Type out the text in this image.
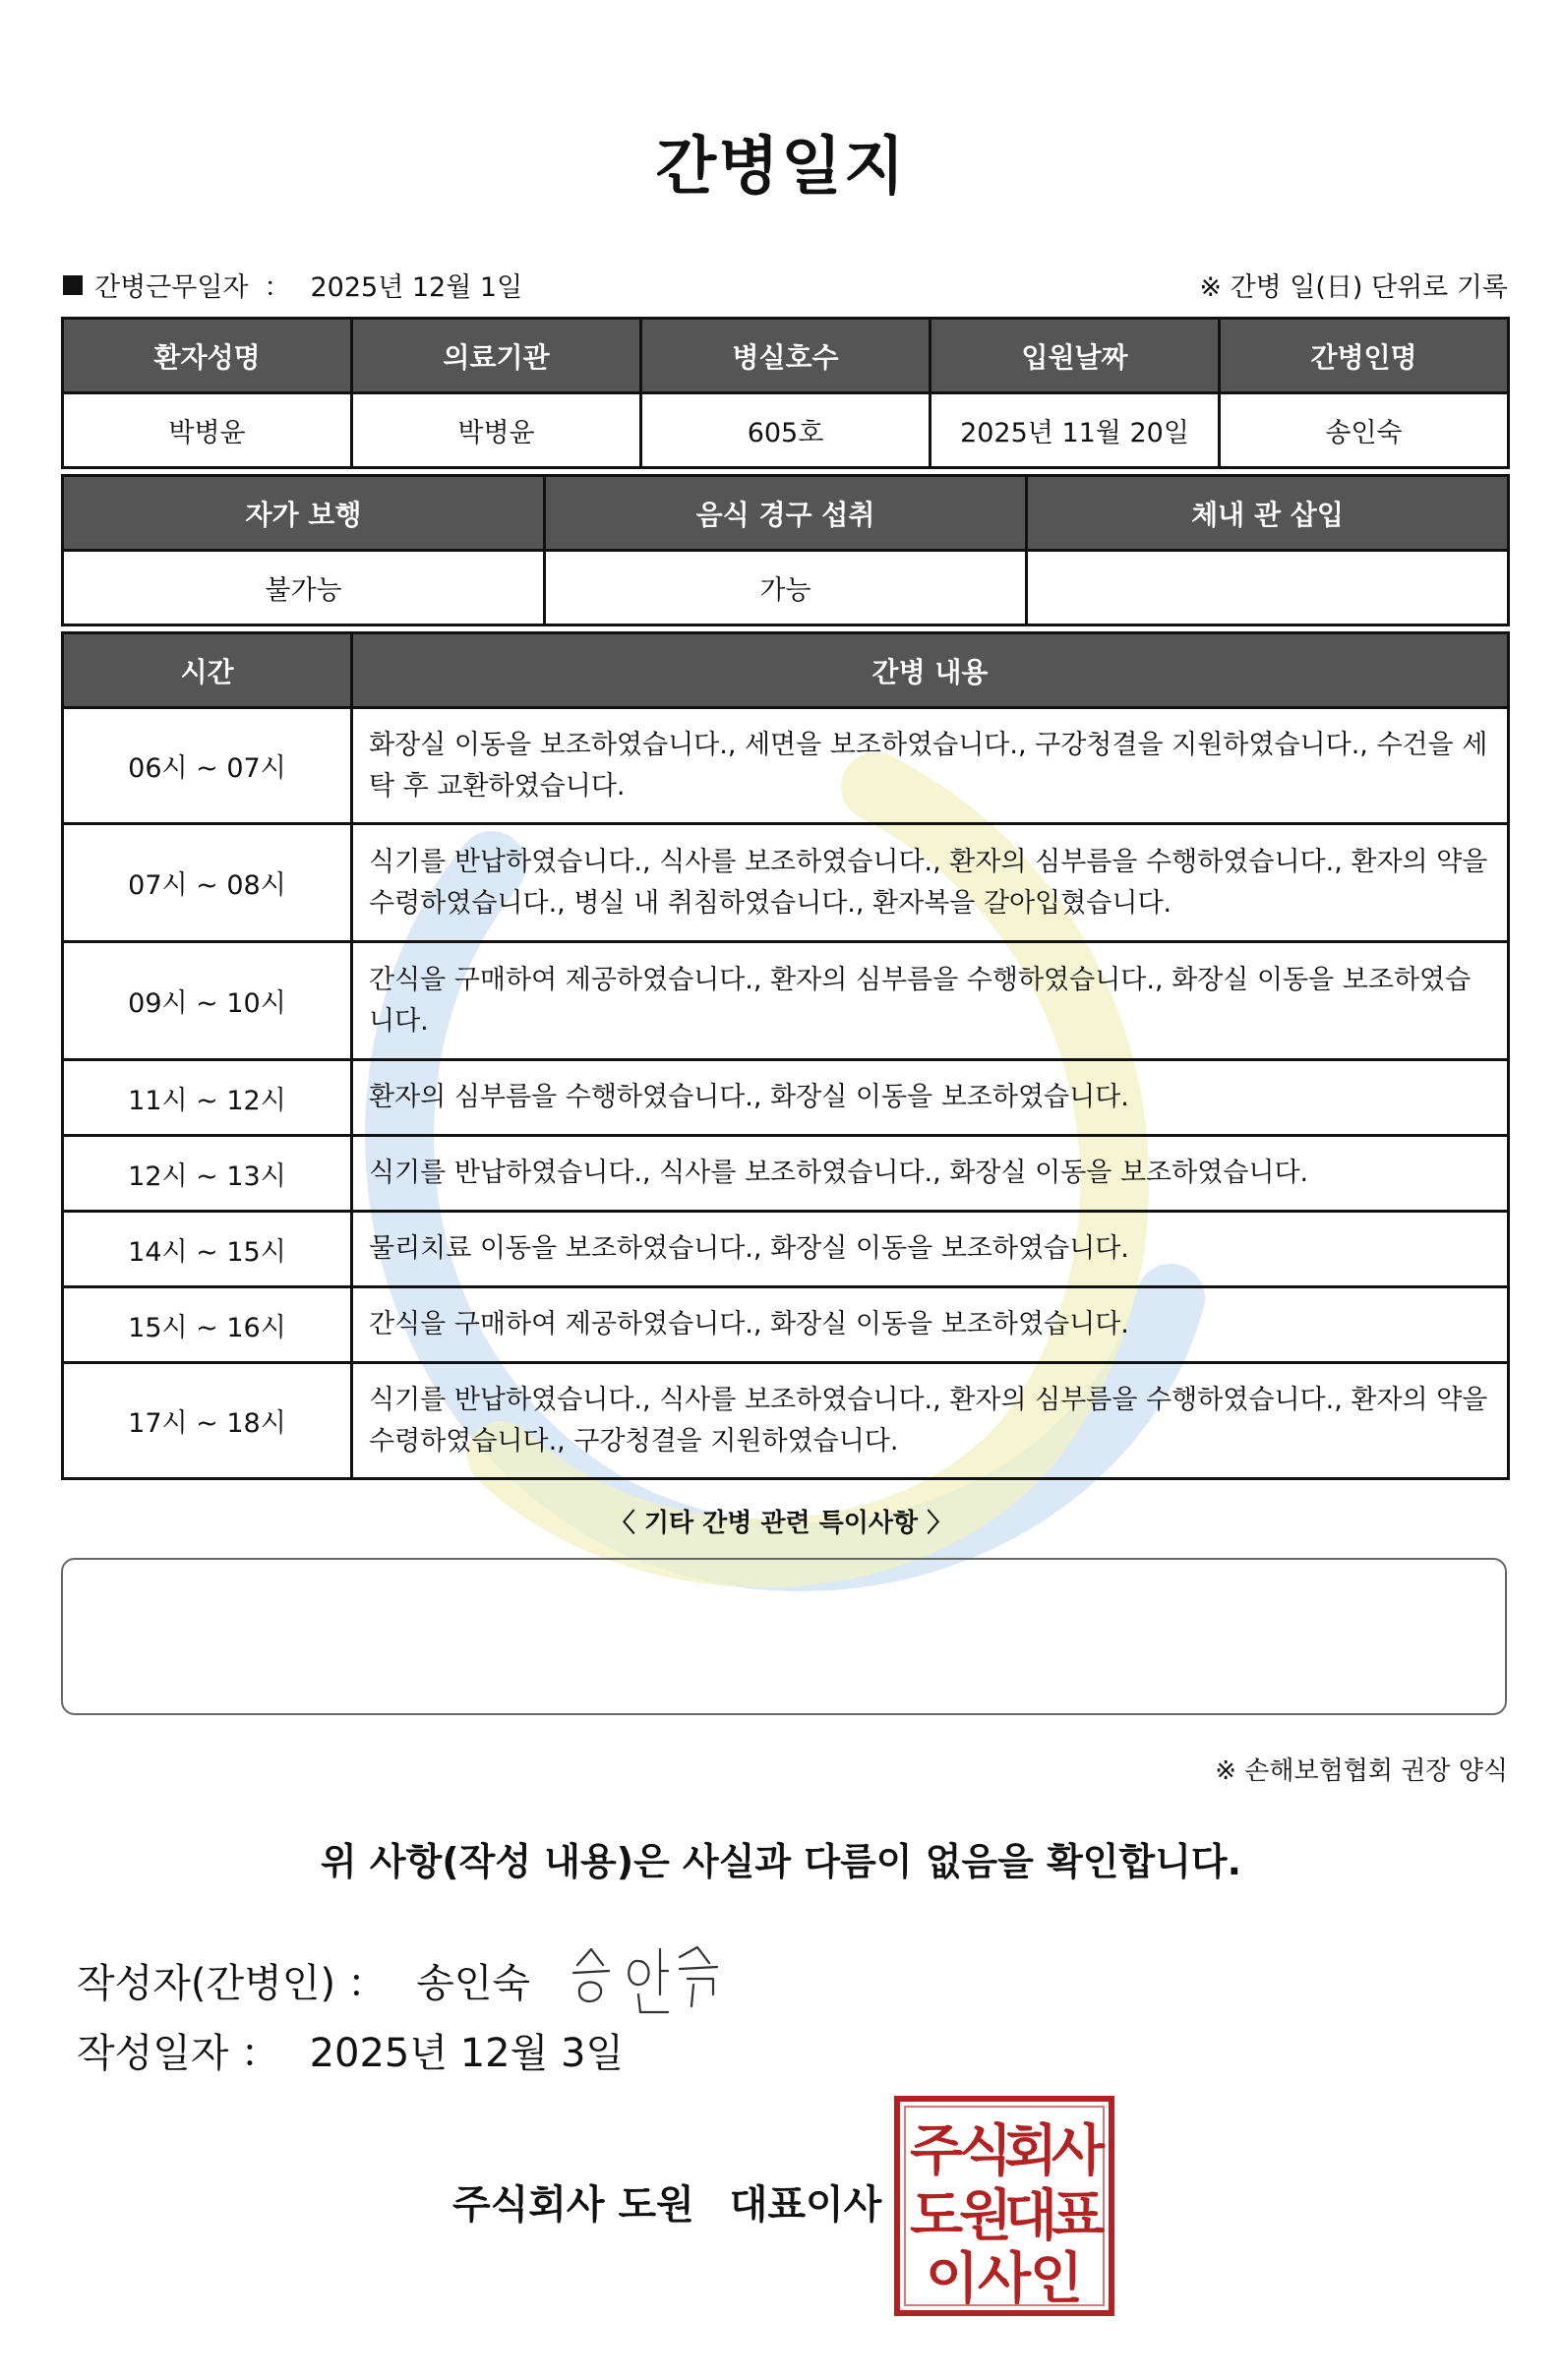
간병일지
간병근무일자 ： 2025년 12월 1일	※ 간병 일(日) 단위로 기록
환자성명	의료기관	병실호수	입원날짜	간병인명
박병윤	박병윤	605호	2025년 11월 20일	송인숙
자가 보행	음식 경구 섭취	체내 관 삽입
불가능	가능	
시간	간병 내용
06시 ~ 07시	화장실 이동을 보조하였습니다., 세면을 보조하였습니다., 구강청결을 지원하였습니다., 수건을 세탁 후 교환하였습니다.
07시 ~ 08시	식기를 반납하였습니다., 식사를 보조하였습니다., 환자의 심부름을 수행하였습니다., 환자의 약을 수령하였습니다., 병실 내 취침하였습니다., 환자복을 갈아입혔습니다.
09시 ~ 10시	간식을 구매하여 제공하였습니다., 환자의 심부름을 수행하였습니다., 화장실 이동을 보조하였습니다.
11시 ~ 12시	환자의 심부름을 수행하였습니다., 화장실 이동을 보조하였습니다.
12시 ~ 13시	식기를 반납하였습니다., 식사를 보조하였습니다., 화장실 이동을 보조하였습니다.
14시 ~ 15시	물리치료 이동을 보조하였습니다., 화장실 이동을 보조하였습니다.
15시 ~ 16시	간식을 구매하여 제공하였습니다., 화장실 이동을 보조하였습니다.
17시 ~ 18시	식기를 반납하였습니다., 식사를 보조하였습니다., 환자의 심부름을 수행하였습니다., 환자의 약을 수령하였습니다., 구강청결을 지원하였습니다.
〈 기타 간병 관련 특이사항 〉
※ 손해보험협회 권장 양식
위 사항(작성 내용)은 사실과 다름이 없음을 확인합니다.
작성자(간병인) ： 송인숙
작성일자 ： 2025년 12월 3일
주식회사 도원 대표이사
주
식
회
사
도
원
대
표
이
사
인
